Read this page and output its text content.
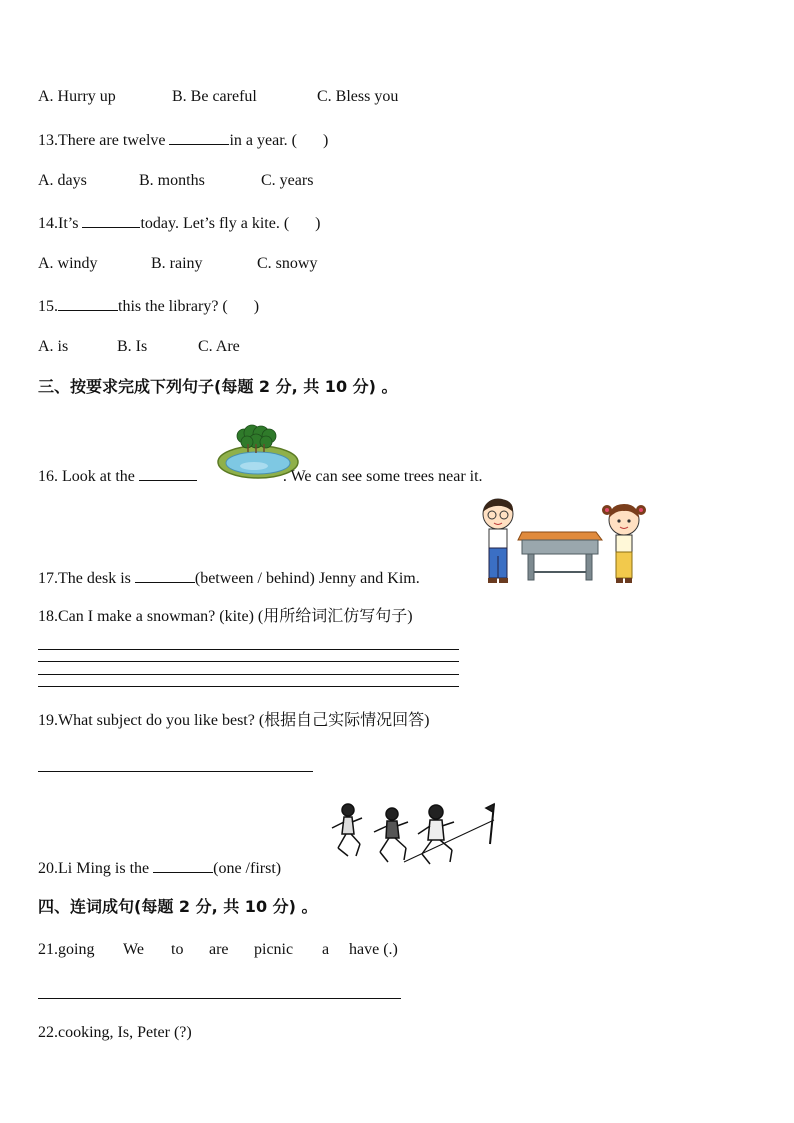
A. Hurry up	B. Be careful	C. Bless you
13.There are twelve	in a year. ( )
A. days	B. months	C. years
14.It’s	today. Let’s fly a kite. ( )
A. windy	B. rainy	C. snowy
15.	this the library? ( )
A. is	B. Is	C. Are
三、按要求完成下列句子(每题 2 分, 共 10 分) 。
16. Look at the	. We can see some trees near it.
17.The desk is	(between / behind) Jenny and Kim.
18.Can I make a snowman? (kite) (用所给词汇仿写句子)
19.What subject do you like best? (根据自己实际情况回答)
20.Li Ming is the	(one /first)
四、连词成句(每题 2 分, 共 10 分) 。
21.going We to are picnic a have (.)
22.cooking, Is, Peter (?)
